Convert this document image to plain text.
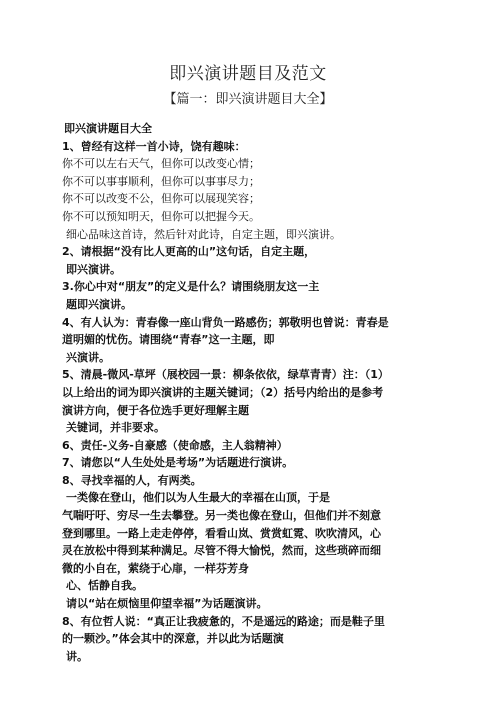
即兴演讲题目及范文
【篇一：即兴演讲题目大全】
即兴演讲题目大全
1、曾经有这样一首小诗，饶有趣味：
你不可以左右天气，但你可以改变心情；
你不可以事事顺利，但你可以事事尽力；
你不可以改变不公，但你可以展现笑容；
你不可以预知明天，但你可以把握今天。
细心品味这首诗，然后针对此诗，自定主题，即兴演讲。
2、请根据“没有比人更高的山”这句话，自定主题，
即兴演讲。
3.你心中对“朋友”的定义是什么？请围绕朋友这一主
题即兴演讲。
4、有人认为：青春像一座山背负一路感伤；郭敬明也曾说：青春是
道明媚的忧伤。请围绕“青春”这一主题，即
兴演讲。
5、清晨-微风-草坪（展校园一景：柳条依依，绿草青青）注：（1）
以上给出的词为即兴演讲的主题关键词；（2）括号内给出的是参考
演讲方向，便于各位选手更好理解主题
关键词，并非要求。
6、责任-义务-自豪感（使命感，主人翁精神）
7、请您以“人生处处是考场”为话题进行演讲。
8、寻找幸福的人，有两类。
一类像在登山，他们以为人生最大的幸福在山顶，于是
气喘吁吁、穷尽一生去攀登。另一类也像在登山，但他们并不刻意
登到哪里。一路上走走停停，看看山岚、赏赏虹霓、吹吹清风，心
灵在放松中得到某种满足。尽管不得大愉悦，然而，这些琐碎而细
微的小自在，萦绕于心扉，一样芬芳身
心、恬静自我。
请以“站在烦恼里仰望幸福”为话题演讲。
8、有位哲人说：“真正让我疲惫的，不是遥远的路途；而是鞋子里
的一颗沙。”体会其中的深意，并以此为话题演
讲。
